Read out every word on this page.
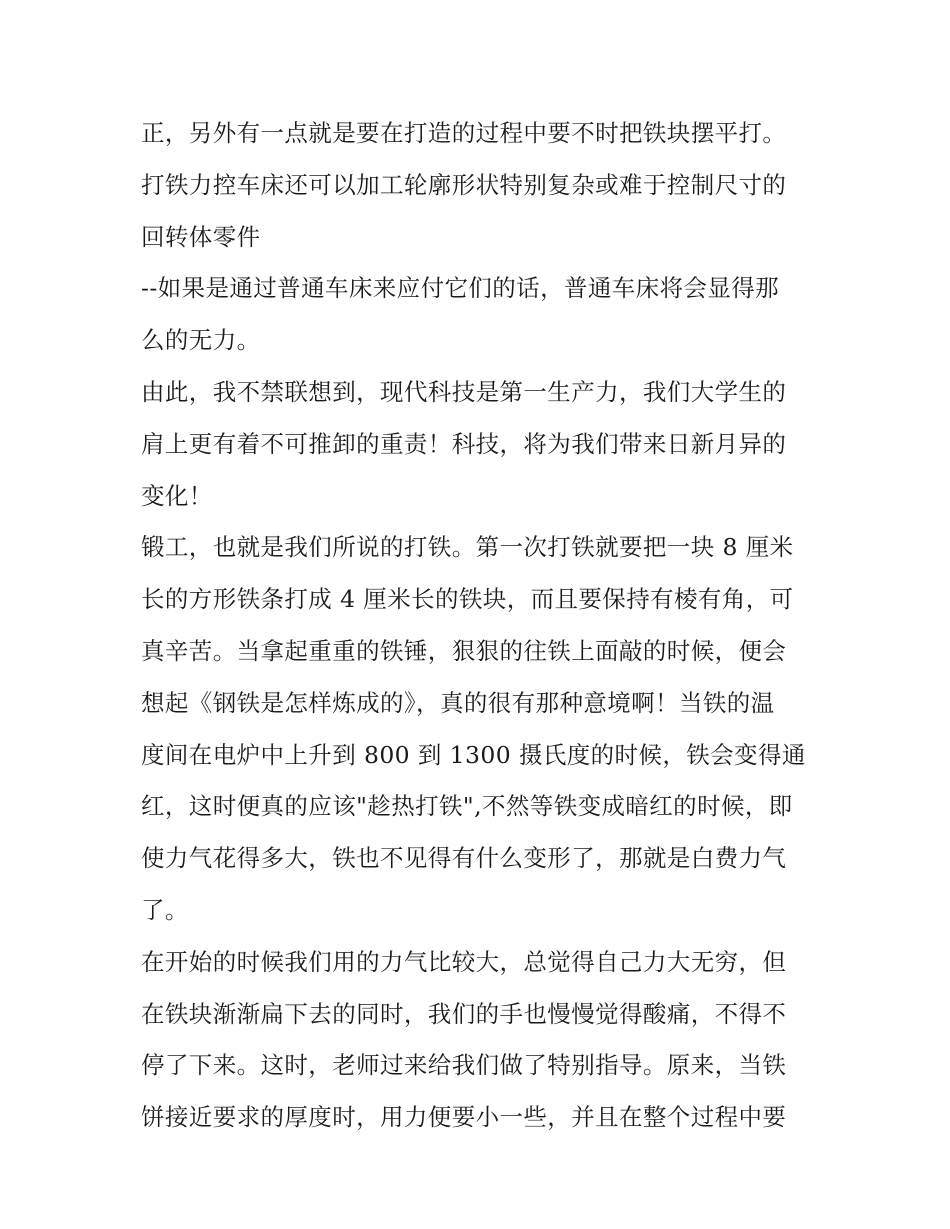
正，另外有一点就是要在打造的过程中要不时把铁块摆平打。
打铁力控车床还可以加工轮廓形状特别复杂或难于控制尺寸的
回转体零件
--如果是通过普通车床来应付它们的话，普通车床将会显得那
么的无力。
由此，我不禁联想到，现代科技是第一生产力，我们大学生的
肩上更有着不可推卸的重责！科技，将为我们带来日新月异的
变化！
锻工，也就是我们所说的打铁。第一次打铁就要把一块 8 厘米
长的方形铁条打成 4 厘米长的铁块，而且要保持有棱有角，可
真辛苦。当拿起重重的铁锤，狠狠的往铁上面敲的时候，便会
想起《钢铁是怎样炼成的》，真的很有那种意境啊！当铁的温
度间在电炉中上升到 800 到 1300 摄氏度的时候，铁会变得通
红，这时便真的应该"趁热打铁",不然等铁变成暗红的时候，即
使力气花得多大，铁也不见得有什么变形了，那就是白费力气
了。
在开始的时候我们用的力气比较大，总觉得自己力大无穷，但
在铁块渐渐扁下去的同时，我们的手也慢慢觉得酸痛，不得不
停了下来。这时，老师过来给我们做了特别指导。原来，当铁
饼接近要求的厚度时，用力便要小一些，并且在整个过程中要
